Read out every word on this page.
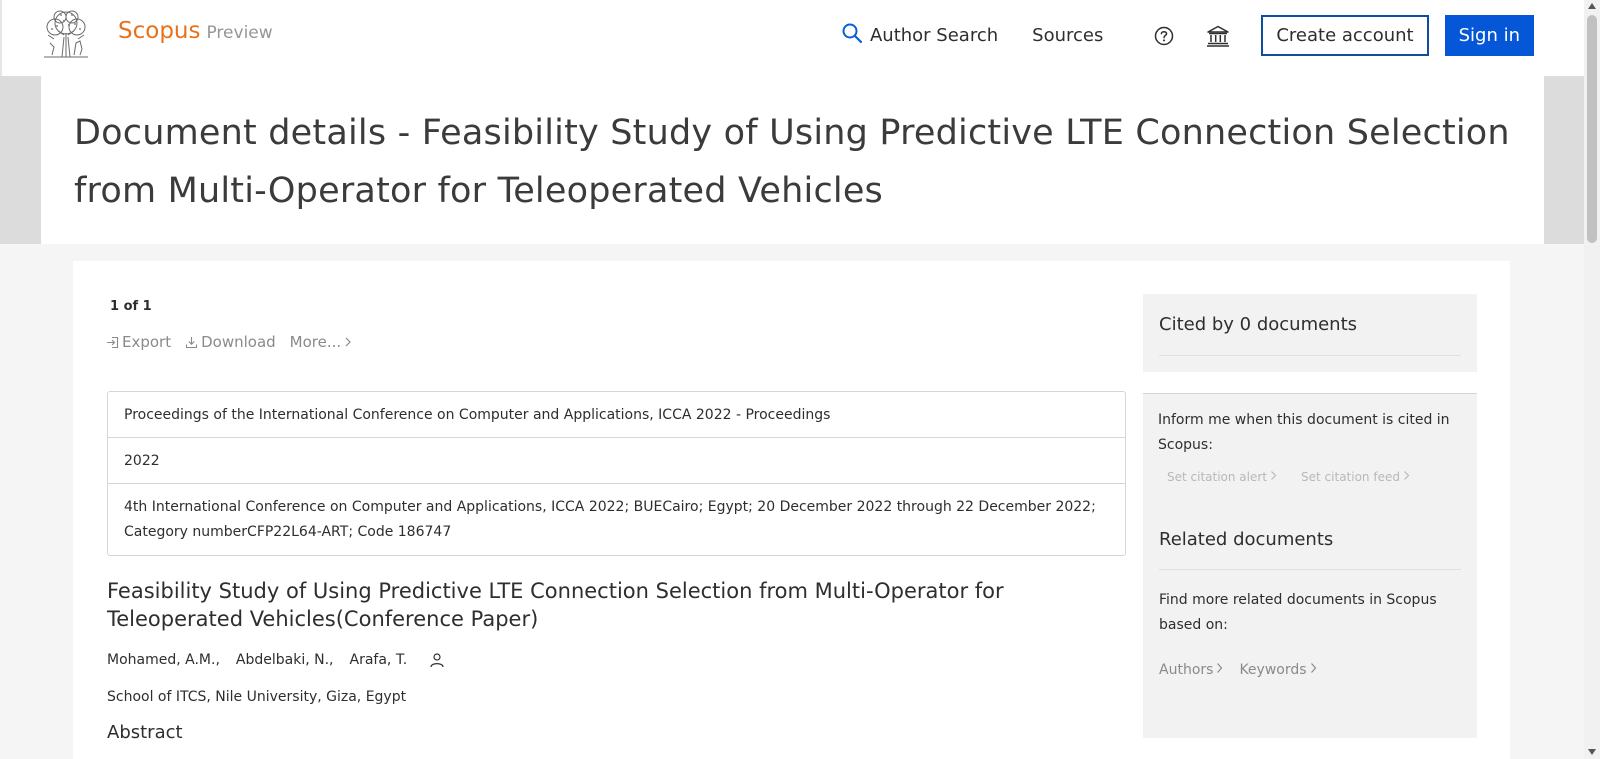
Scopus Preview	Author Search Sources	Create account	Sign in
Document details - Feasibility Study of Using Predictive LTE Connection Selection from Multi-Operator for Teleoperated Vehicles
1 of 1
Export Download More...
Proceedings of the International Conference on Computer and Applications, ICCA 2022 - Proceedings
2022
4th International Conference on Computer and Applications, ICCA 2022; BUECairo; Egypt; 20 December 2022 through 22 December 2022; Category numberCFP22L64-ART; Code 186747
Feasibility Study of Using Predictive LTE Connection Selection from Multi-Operator for Teleoperated Vehicles(Conference Paper)
Mohamed, A.M., Abdelbaki, N., Arafa, T.
School of ITCS, Nile University, Giza, Egypt
Abstract
Cited by 0 documents
Inform me when this document is cited in Scopus:
Set citation alert	Set citation feed
Related documents
Find more related documents in Scopus based on:
Authors Keywords
